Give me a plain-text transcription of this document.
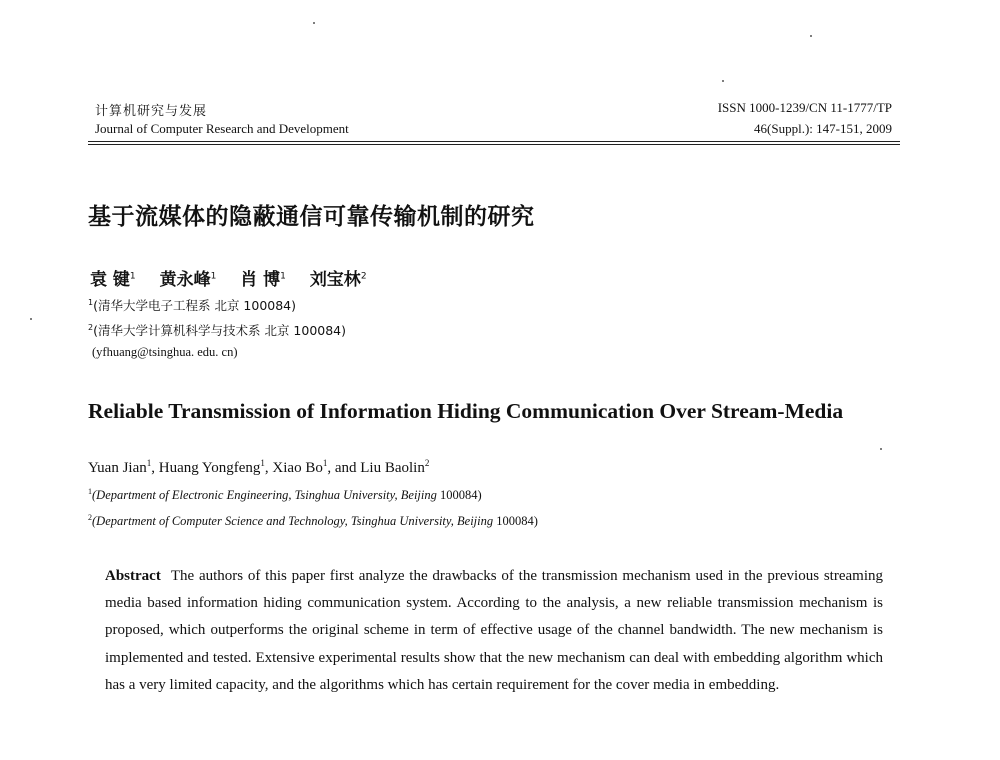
计算机研究与发展
Journal of Computer Research and Development
ISSN 1000-1239/CN 11-1777/TP
46(Suppl.): 147-151, 2009
基于流媒体的隐蔽通信可靠传输机制的研究
袁 键$^1$ 黄永峰$^1$ 肖 博$^1$ 刘宝林$^2$
$^1$(清华大学电子工程系 北京 100084)
$^2$(清华大学计算机科学与技术系 北京 100084)
(yfhuang@tsinghua. edu. cn)
Reliable Transmission of Information Hiding Communication Over Stream-Media
Yuan Jian$^1$, Huang Yongfeng$^1$, Xiao Bo$^1$, and Liu Baolin$^2$
$^1$(Department of Electronic Engineering, Tsinghua University, Beijing 100084)
$^2$(Department of Computer Science and Technology, Tsinghua University, Beijing 100084)
Abstract The authors of this paper first analyze the drawbacks of the transmission mechanism used in the previous streaming media based information hiding communication system. According to the analysis, a new reliable transmission mechanism is proposed, which outperforms the original scheme in term of effective usage of the channel bandwidth. The new mechanism is implemented and tested. Extensive experimental results show that the new mechanism can deal with embedding algorithm which has a very limited capacity, and the algorithms which has certain requirement for the cover media in embedding.
